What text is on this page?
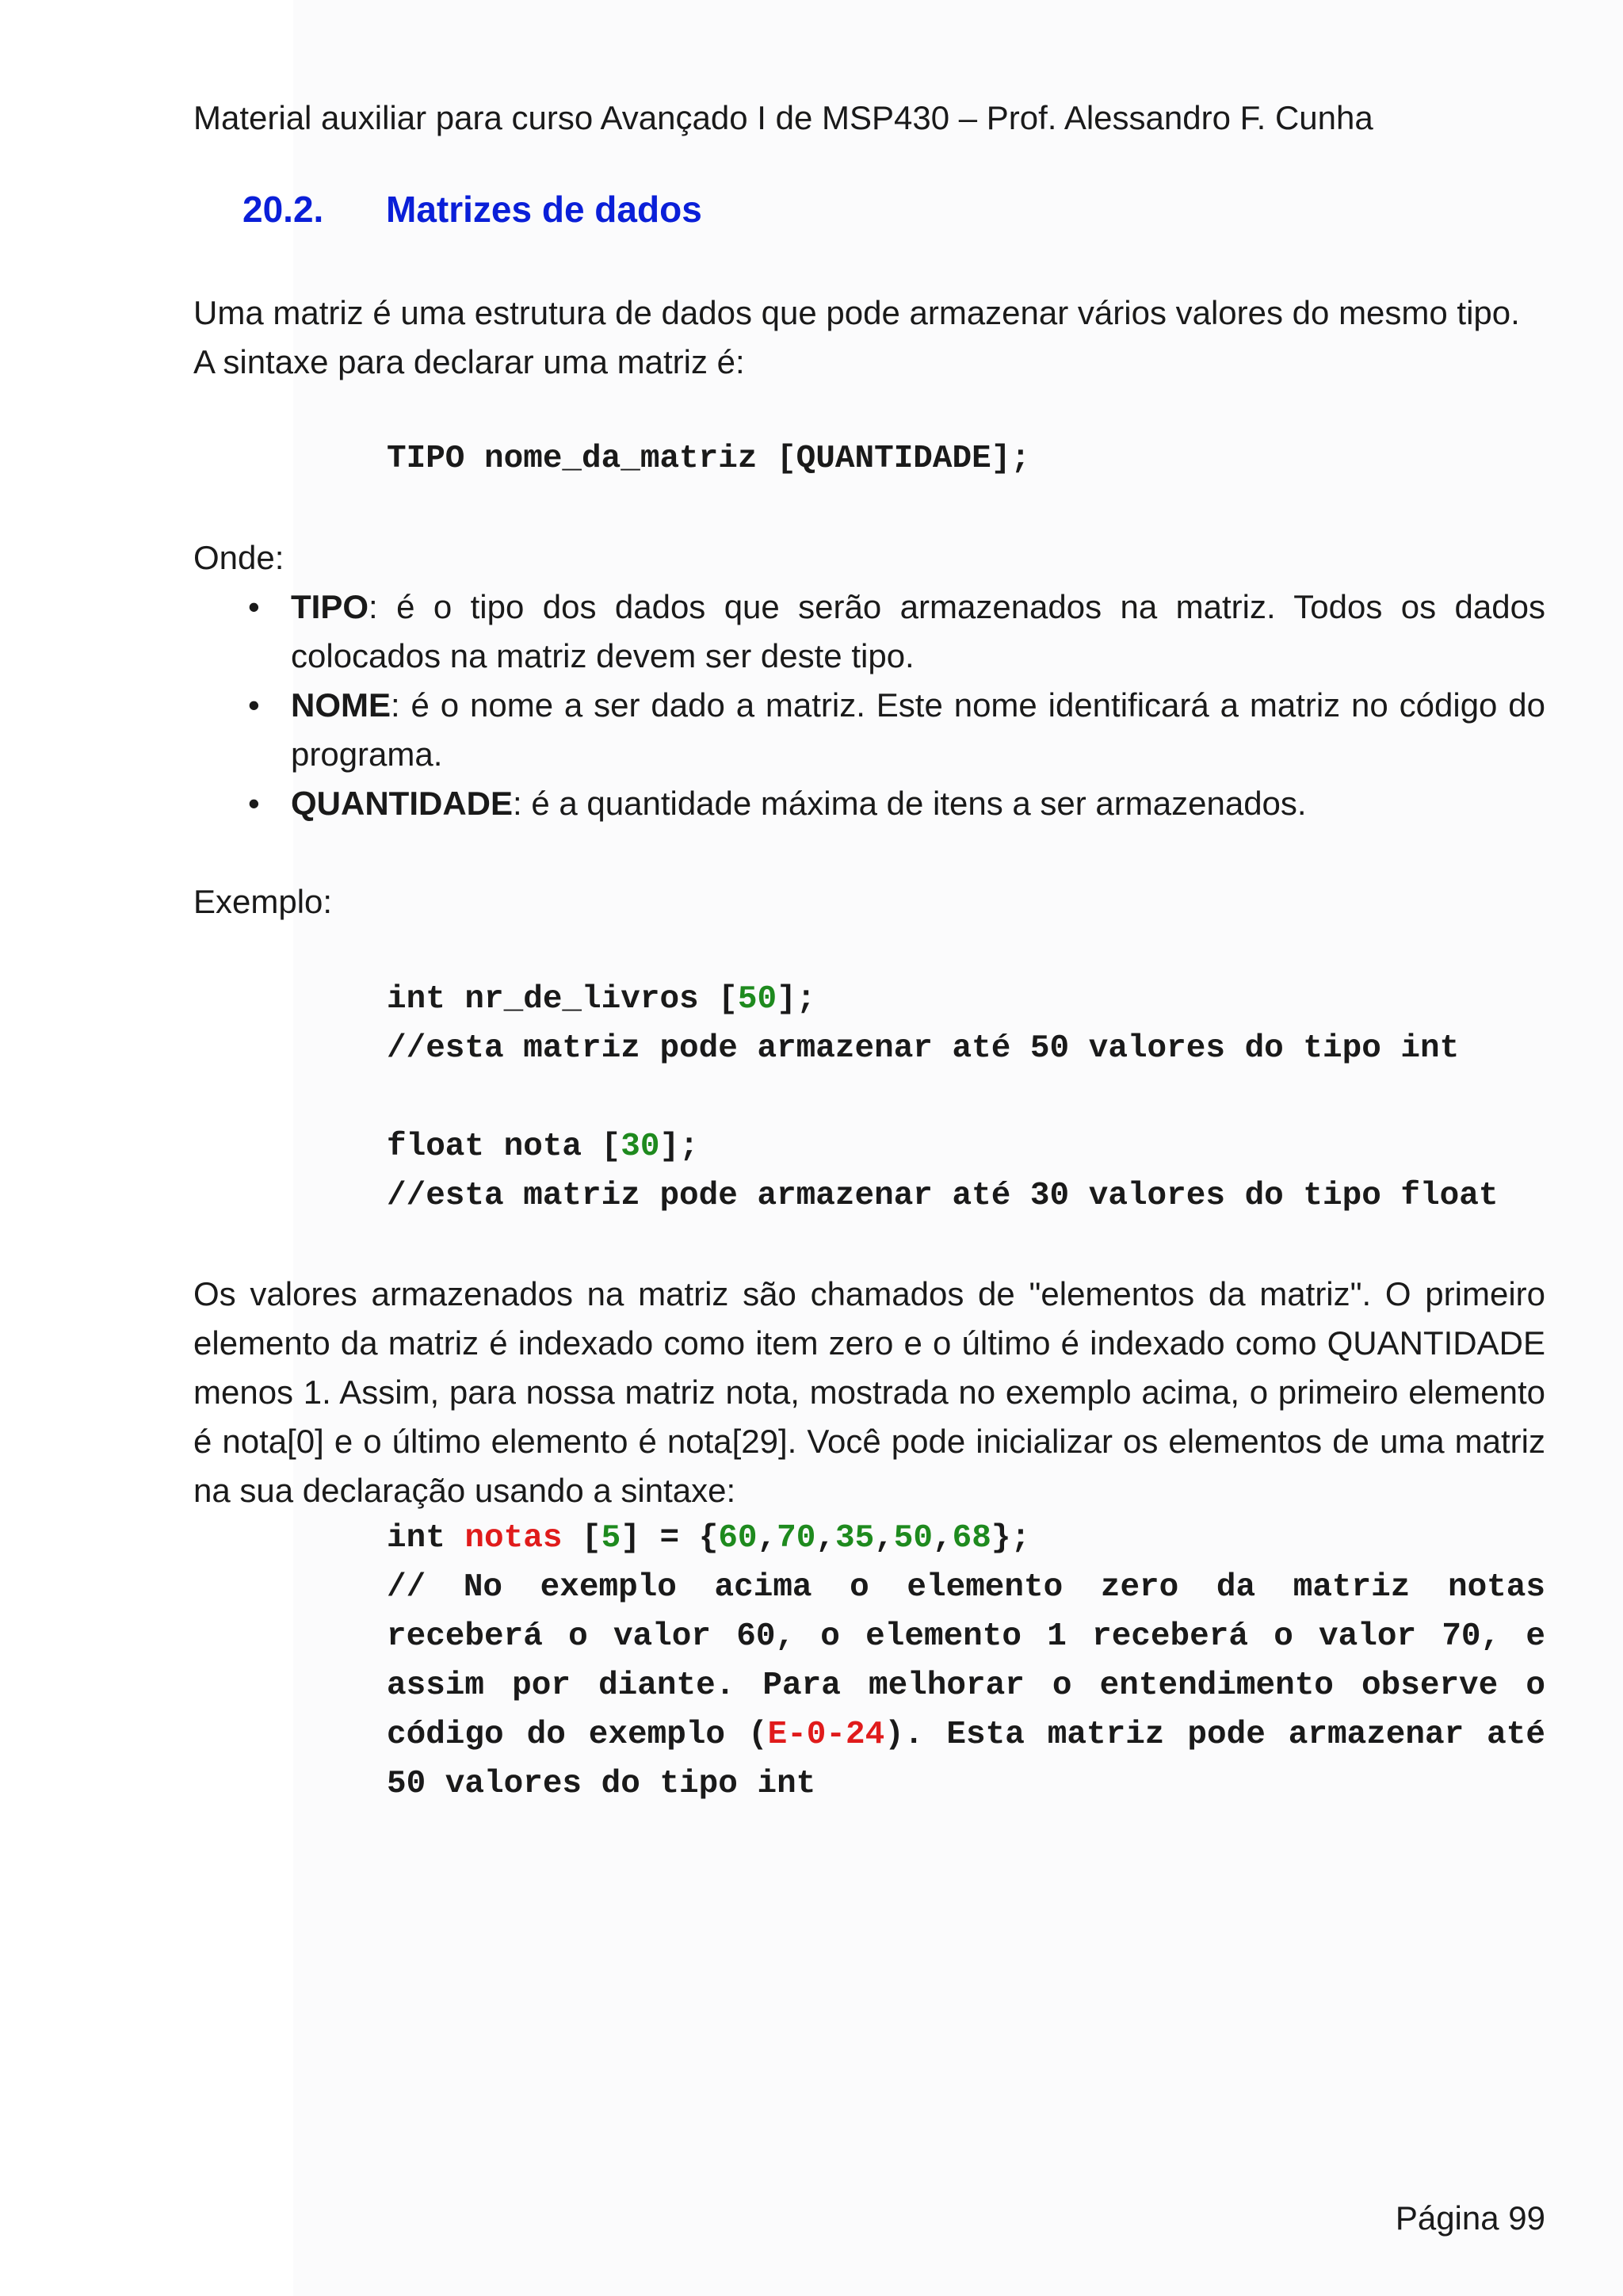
Material auxiliar para curso Avançado I de MSP430 – Prof. Alessandro F. Cunha
20.2. Matrizes de dados
Uma matriz é uma estrutura de dados que pode armazenar vários valores do mesmo tipo.
A sintaxe para declarar uma matriz é:
TIPO nome_da_matriz [QUANTIDADE];
Onde:
• TIPO: é o tipo dos dados que serão armazenados na matriz. Todos os dados colocados na matriz devem ser deste tipo.
• NOME: é o nome a ser dado a matriz. Este nome identificará a matriz no código do programa.
• QUANTIDADE: é a quantidade máxima de itens a ser armazenados.
Exemplo:
int nr_de_livros [50];
//esta matriz pode armazenar até 50 valores do tipo int
float nota [30];
//esta matriz pode armazenar até 30 valores do tipo float
Os valores armazenados na matriz são chamados de "elementos da matriz". O primeiro elemento da matriz é indexado como item zero e o último é indexado como QUANTIDADE menos 1. Assim, para nossa matriz nota, mostrada no exemplo acima, o primeiro elemento é nota[0] e o último elemento é nota[29]. Você pode inicializar os elementos de uma matriz na sua declaração usando a sintaxe:
int notas [5] = {60,70,35,50,68};
// No exemplo acima o elemento zero da matriz notas receberá o valor 60, o elemento 1 receberá o valor 70, e assim por diante. Para melhorar o entendimento observe o código do exemplo (E-0-24). Esta matriz pode armazenar até 50 valores do tipo int
Página 99
